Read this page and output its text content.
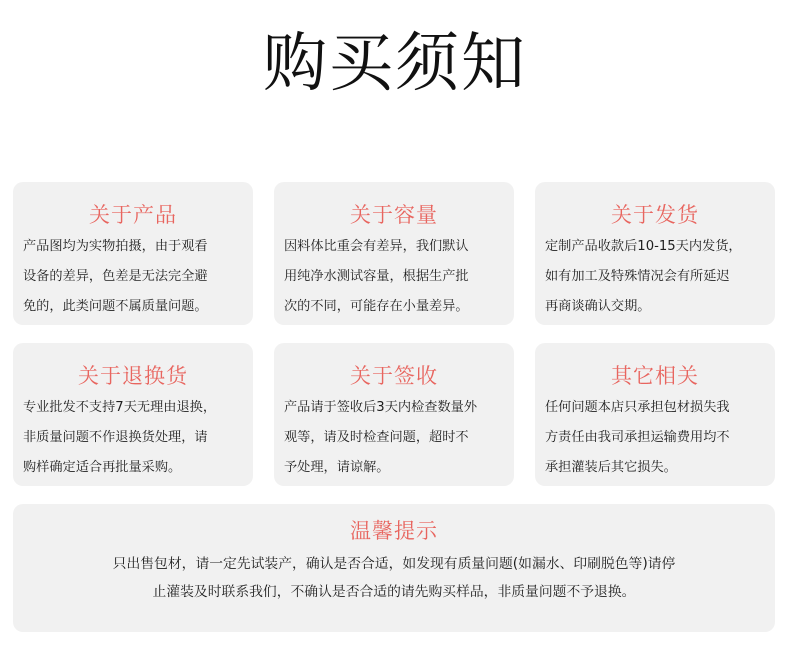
购买须知
关于产品
产品图均为实物拍摄，由于观看
设备的差异，色差是无法完全避
免的，此类问题不属质量问题。
关于容量
因料体比重会有差异，我们默认
用纯净水测试容量，根据生产批
次的不同，可能存在小量差异。
关于发货
定制产品收款后10-15天内发货，
如有加工及特殊情况会有所延迟
再商谈确认交期。
关于退换货
专业批发不支持7天无理由退换，
非质量问题不作退换货处理，请
购样确定适合再批量采购。
关于签收
产品请于签收后3天内检查数量外
观等，请及时检查问题，超时不
予处理，请谅解。
其它相关
任何问题本店只承担包材损失我
方责任由我司承担运输费用均不
承担灌装后其它损失。
温馨提示
只出售包材，请一定先试装产，确认是否合适，如发现有质量问题(如漏水、印刷脱色等)请停
止灌装及时联系我们，不确认是否合适的请先购买样品，非质量问题不予退换。
